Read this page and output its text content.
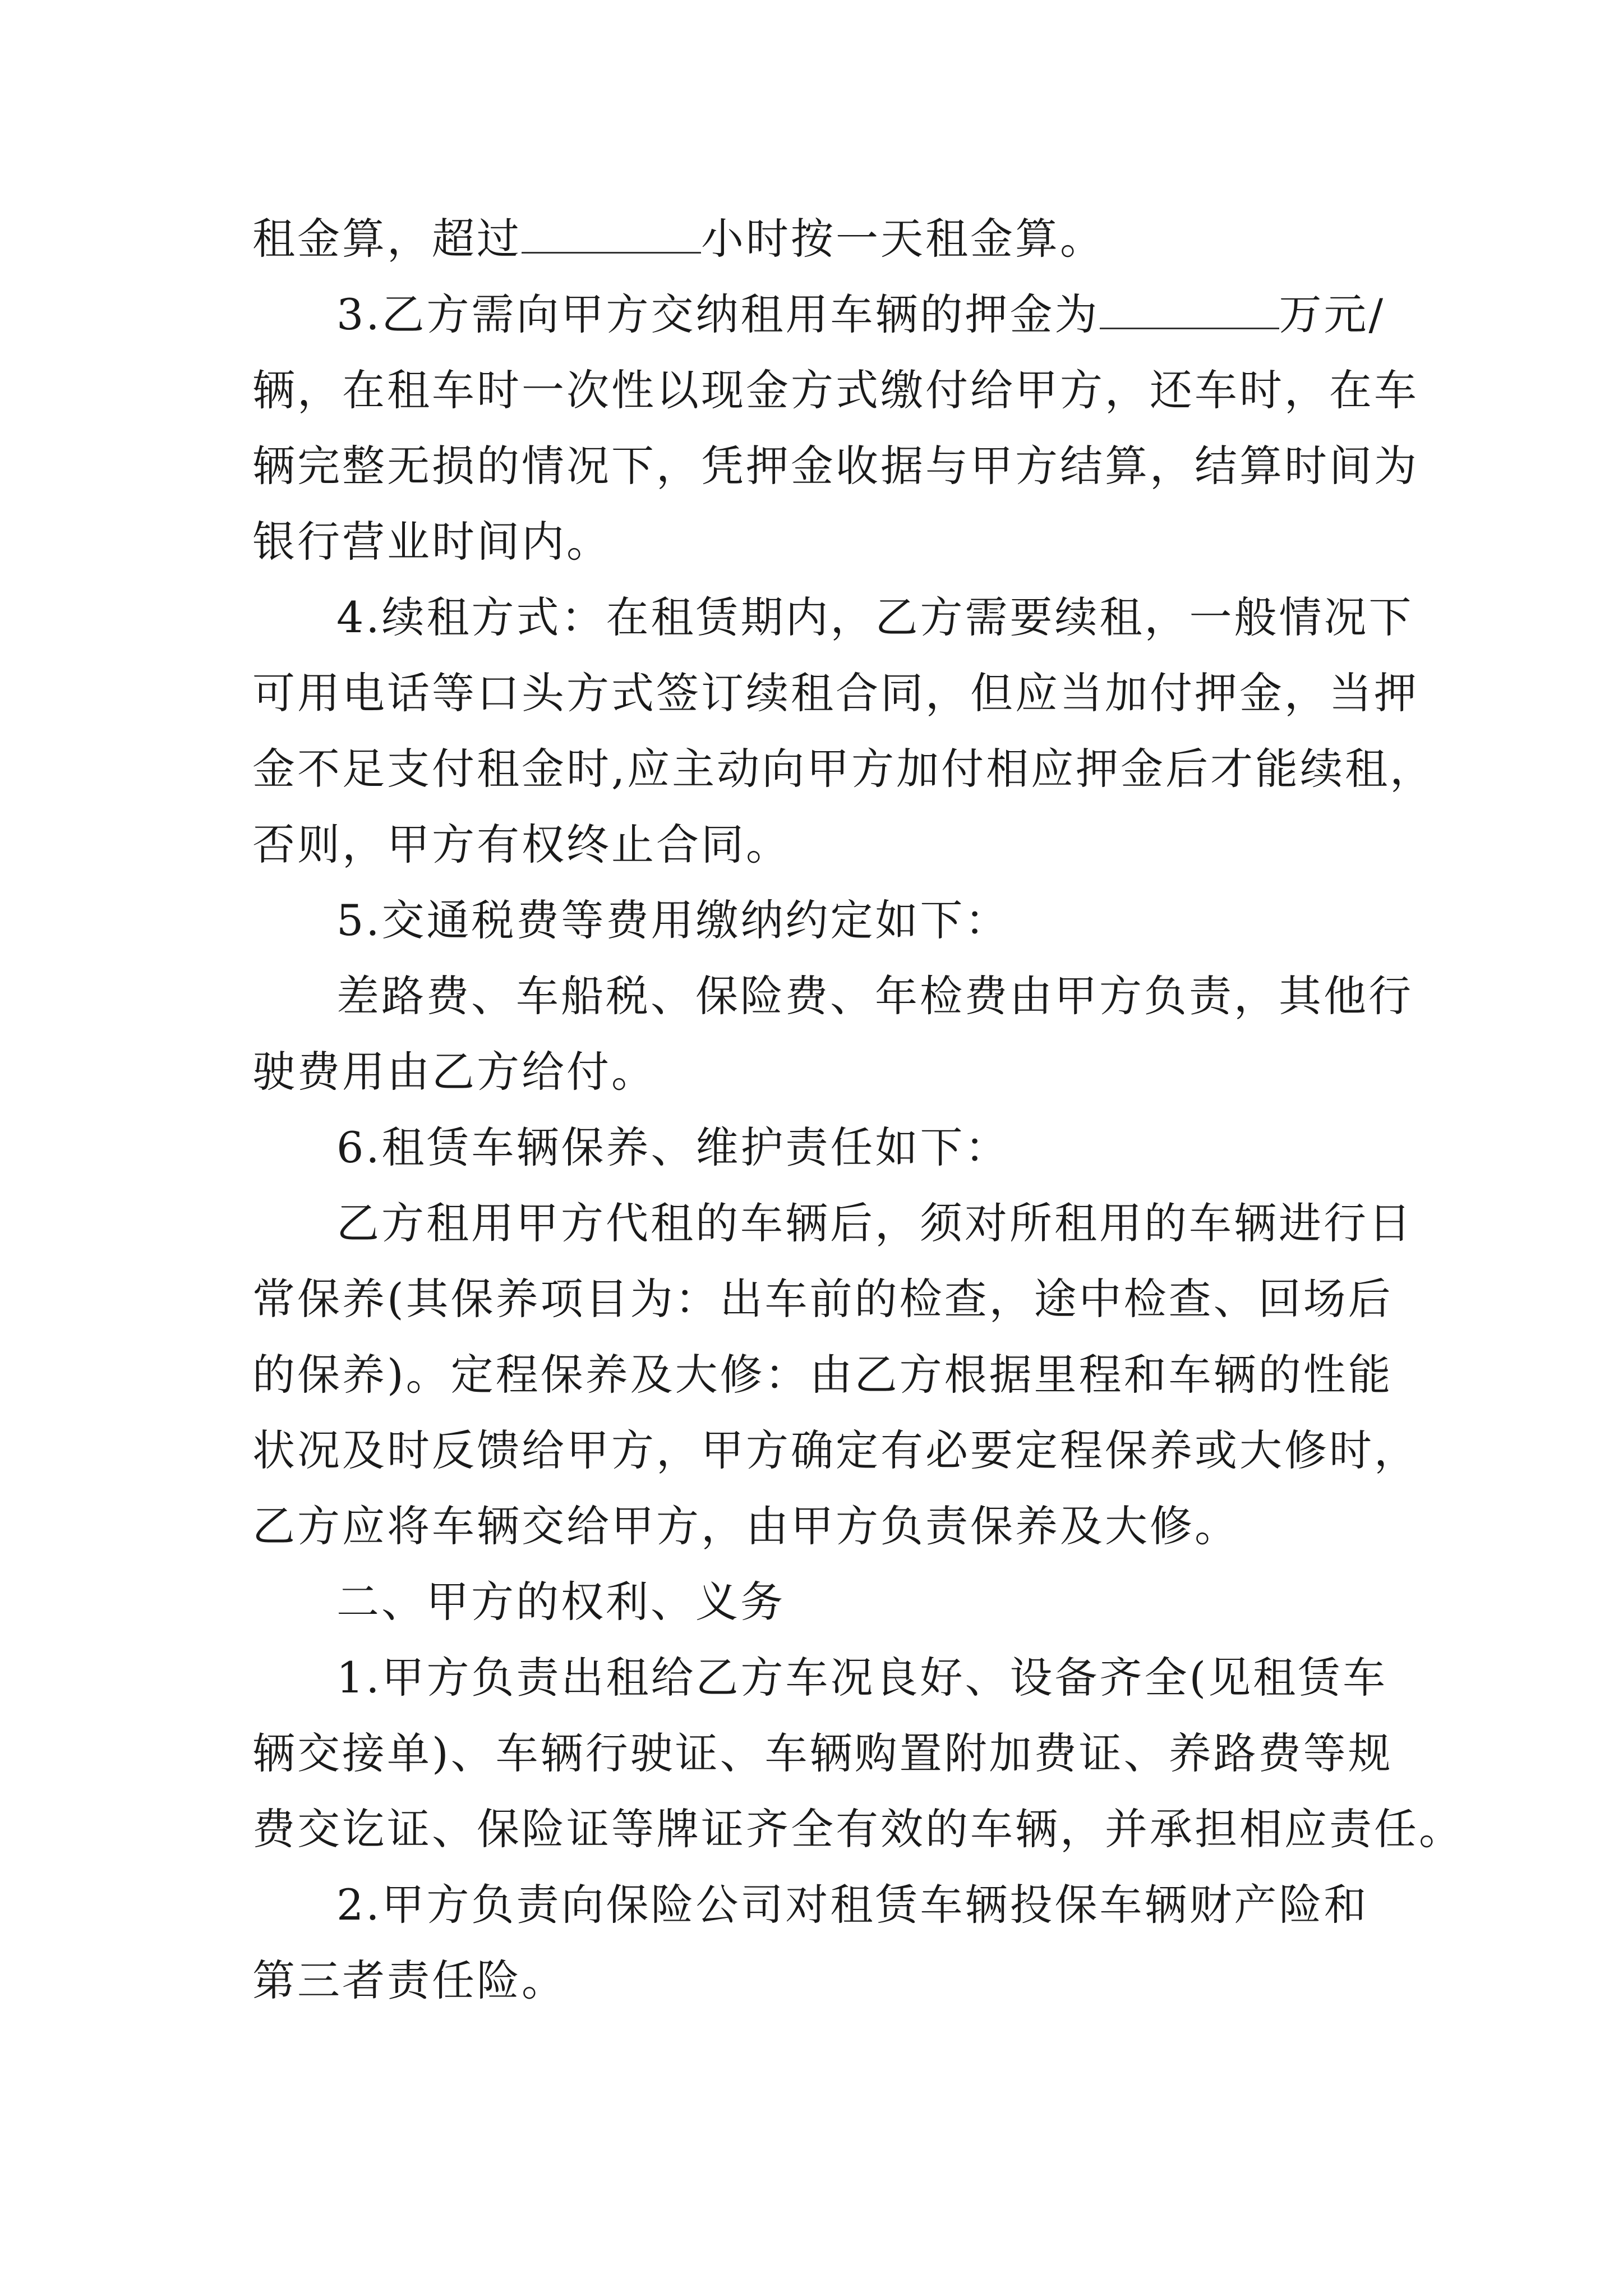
租金算，超过	小时按一天租金算。
3.乙方需向甲方交纳租用车辆的押金为	万元/
辆，在租车时一次性以现金方式缴付给甲方，还车时，在车
辆完整无损的情况下，凭押金收据与甲方结算，结算时间为
银行营业时间内。
4.续租方式：在租赁期内，乙方需要续租，一般情况下
可用电话等口头方式签订续租合同，但应当加付押金，当押
金不足支付租金时,应主动向甲方加付相应押金后才能续租，
否则，甲方有权终止合同。
5.交通税费等费用缴纳约定如下：
差路费、车船税、保险费、年检费由甲方负责，其他行
驶费用由乙方给付。
6.租赁车辆保养、维护责任如下：
乙方租用甲方代租的车辆后，须对所租用的车辆进行日
常保养(其保养项目为：出车前的检查，途中检查、回场后
的保养)。定程保养及大修：由乙方根据里程和车辆的性能
状况及时反馈给甲方，甲方确定有必要定程保养或大修时，
乙方应将车辆交给甲方，由甲方负责保养及大修。
二、甲方的权利、义务
1.甲方负责出租给乙方车况良好、设备齐全(见租赁车
辆交接单)、车辆行驶证、车辆购置附加费证、养路费等规
费交讫证、保险证等牌证齐全有效的车辆，并承担相应责任。
2.甲方负责向保险公司对租赁车辆投保车辆财产险和
第三者责任险。
